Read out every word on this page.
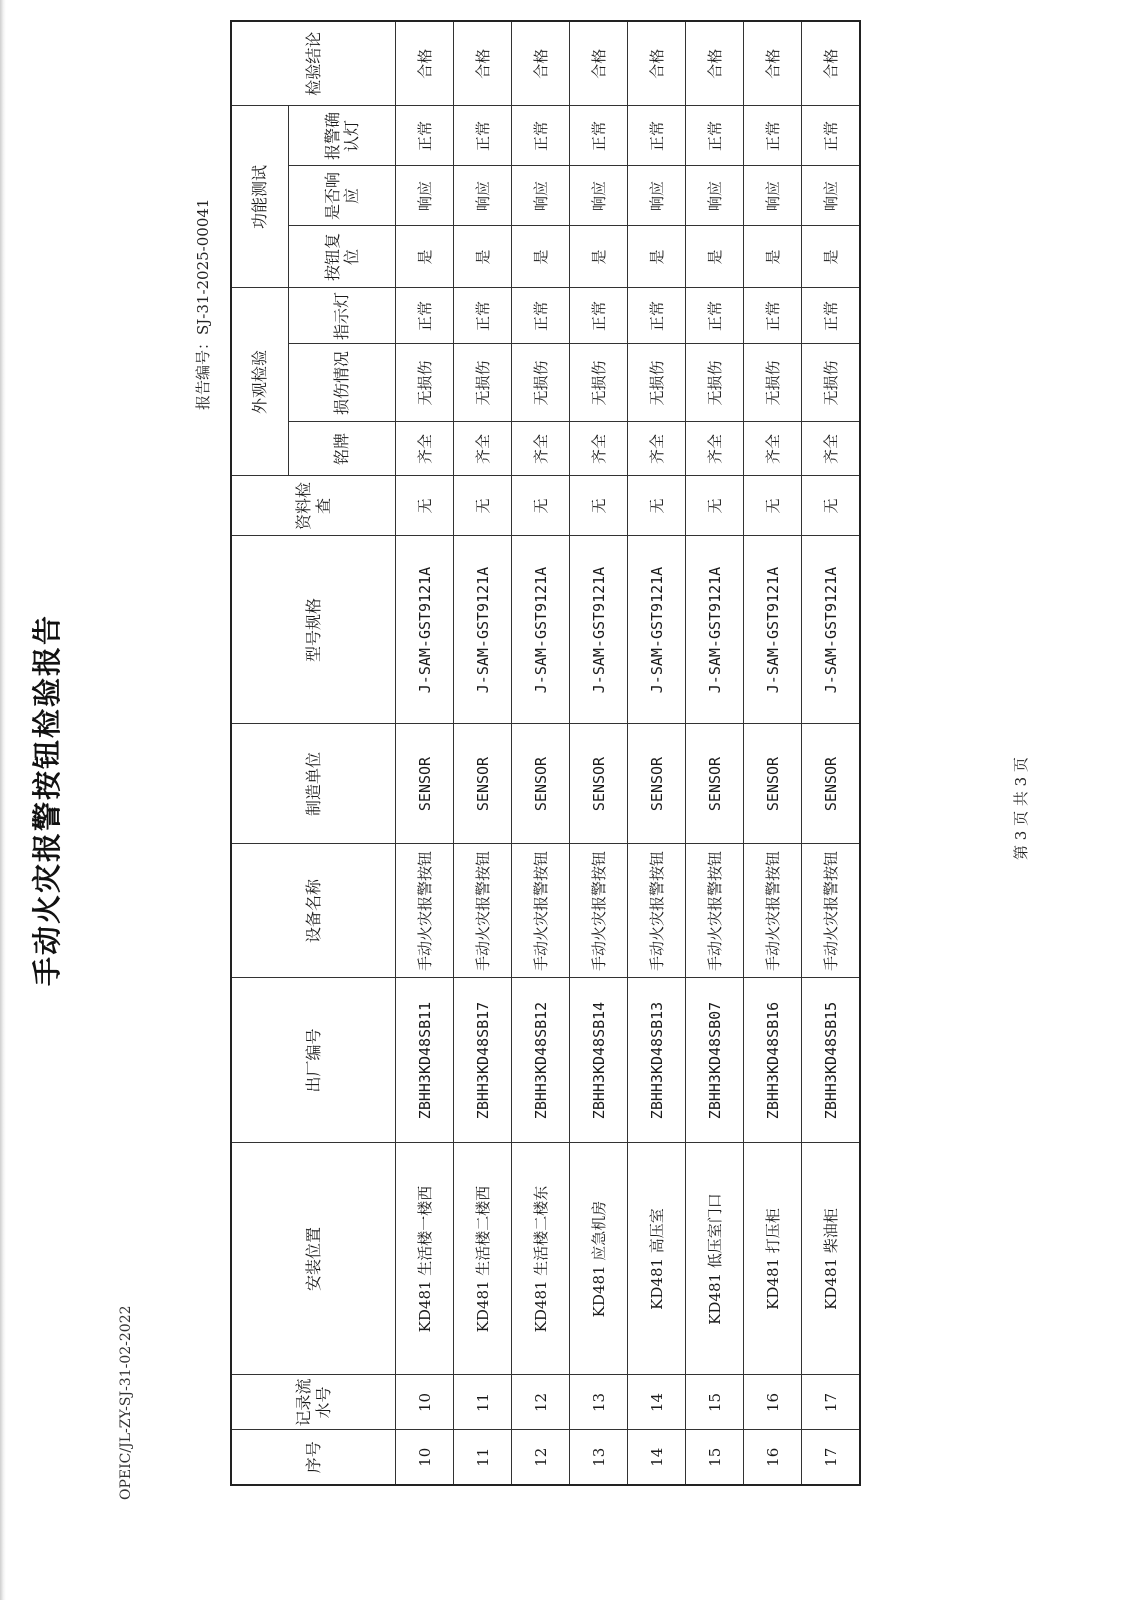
手动火灾报警按钮检验报告
OPEIC/JL-ZY-SJ-31-02-2022
报告编号：SJ-31-2025-00041
序号	记录流水号	安装位置	出厂编号	设备名称	制造单位	型号规格	资料检查	外观检验			功能测试			检验结论
								铭牌	损伤情况	指示灯	按钮复位	是否响应	报警确认灯	
10	10	KD481 生活楼一楼西	ZBHH3KD48SB11	手动火灾报警按钮	SENSOR	J-SAM-GST9121A	无	齐全	无损伤	正常	是	响应	正常	合格
11	11	KD481 生活楼二楼西	ZBHH3KD48SB17	手动火灾报警按钮	SENSOR	J-SAM-GST9121A	无	齐全	无损伤	正常	是	响应	正常	合格
12	12	KD481 生活楼二楼东	ZBHH3KD48SB12	手动火灾报警按钮	SENSOR	J-SAM-GST9121A	无	齐全	无损伤	正常	是	响应	正常	合格
13	13	KD481 应急机房	ZBHH3KD48SB14	手动火灾报警按钮	SENSOR	J-SAM-GST9121A	无	齐全	无损伤	正常	是	响应	正常	合格
14	14	KD481 高压室	ZBHH3KD48SB13	手动火灾报警按钮	SENSOR	J-SAM-GST9121A	无	齐全	无损伤	正常	是	响应	正常	合格
15	15	KD481 低压室门口	ZBHH3KD48SB07	手动火灾报警按钮	SENSOR	J-SAM-GST9121A	无	齐全	无损伤	正常	是	响应	正常	合格
16	16	KD481 打压柜	ZBHH3KD48SB16	手动火灾报警按钮	SENSOR	J-SAM-GST9121A	无	齐全	无损伤	正常	是	响应	正常	合格
17	17	KD481 柴油柜	ZBHH3KD48SB15	手动火灾报警按钮	SENSOR	J-SAM-GST9121A	无	齐全	无损伤	正常	是	响应	正常	合格
第 3 页 共 3 页
